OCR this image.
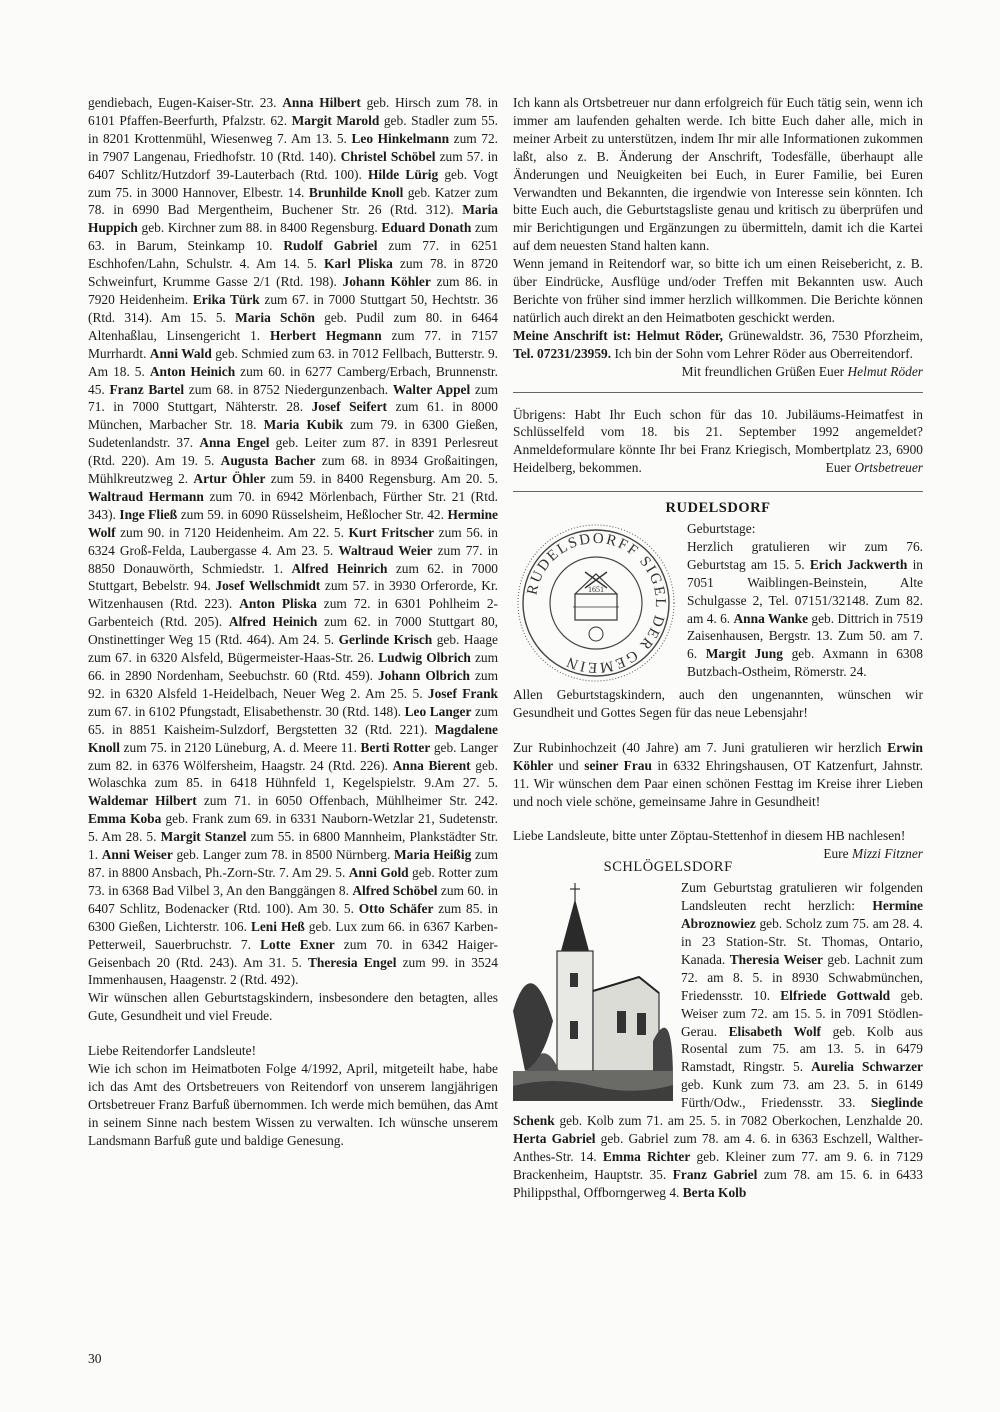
gendiebach, Eugen-Kaiser-Str. 23. Anna Hilbert geb. Hirsch zum 78. in 6101 Pfaffen-Beerfurth, Pfalzstr. 62. Margit Marold geb. Stadler zum 55. in 8201 Krottenmühl, Wiesenweg 7. Am 13. 5. Leo Hinkelmann zum 72. in 7907 Langenau, Friedhofstr. 10 (Rtd. 140). Christel Schöbel zum 57. in 6407 Schlitz/Hutzdorf 39-Lauterbach (Rtd. 100). Hilde Lürig geb. Vogt zum 75. in 3000 Hannover, Elbestr. 14. Brunhilde Knoll geb. Katzer zum 78. in 6990 Bad Mergentheim, Buchener Str. 26 (Rtd. 312). Maria Huppich geb. Kirchner zum 88. in 8400 Regensburg. Eduard Donath zum 63. in Barum, Steinkamp 10. Rudolf Gabriel zum 77. in 6251 Eschhofen/Lahn, Schulstr. 4. Am 14. 5. Karl Pliska zum 78. in 8720 Schweinfurt, Krumme Gasse 2/1 (Rtd. 198). Johann Köhler zum 86. in 7920 Heidenheim. Erika Türk zum 67. in 7000 Stuttgart 50, Hechtstr. 36 (Rtd. 314). Am 15. 5. Maria Schön geb. Pudil zum 80. in 6464 Altenhaßlau, Linsengericht 1. Herbert Hegmann zum 77. in 7157 Murrhardt. Anni Wald geb. Schmied zum 63. in 7012 Fellbach, Butterstr. 9. Am 18. 5. Anton Heinich zum 60. in 6277 Camberg/Erbach, Brunnenstr. 45. Franz Bartel zum 68. in 8752 Niedergunzenbach. Walter Appel zum 71. in 7000 Stuttgart, Nähterstr. 28. Josef Seifert zum 61. in 8000 München, Marbacher Str. 18. Maria Kubik zum 79. in 6300 Gießen, Sudetenlandstr. 37. Anna Engel geb. Leiter zum 87. in 8391 Perlesreut (Rtd. 220). Am 19. 5. Augusta Bacher zum 68. in 8934 Großaitingen, Mühlkreutzweg 2. Artur Öhler zum 59. in 8400 Regensburg. Am 20. 5. Waltraud Hermann zum 70. in 6942 Mörlenbach, Fürther Str. 21 (Rtd. 343). Inge Fließ zum 59. in 6090 Rüsselsheim, Heßlocher Str. 42. Hermine Wolf zum 90. in 7120 Heidenheim. Am 22. 5. Kurt Fritscher zum 56. in 6324 Groß-Felda, Laubergasse 4. Am 23. 5. Waltraud Weier zum 77. in 8850 Donauwörth, Schmiedstr. 1. Alfred Heinrich zum 62. in 7000 Stuttgart, Bebelstr. 94. Josef Wellschmidt zum 57. in 3930 Orferorde, Kr. Witzenhausen (Rtd. 223). Anton Pliska zum 72. in 6301 Pohlheim 2-Garbenteich (Rtd. 205). Alfred Heinich zum 62. in 7000 Stuttgart 80, Onstinettinger Weg 15 (Rtd. 464). Am 24. 5. Gerlinde Krisch geb. Haage zum 67. in 6320 Alsfeld, Bügermeister-Haas-Str. 26. Ludwig Olbrich zum 66. in 2890 Nordenham, Seebuchstr. 60 (Rtd. 459). Johann Olbrich zum 92. in 6320 Alsfeld 1-Heidelbach, Neuer Weg 2. Am 25. 5. Josef Frank zum 67. in 6102 Pfungstadt, Elisabethenstr. 30 (Rtd. 148). Leo Langer zum 65. in 8851 Kaisheim-Sulzdorf, Bergstetten 32 (Rtd. 221). Magdalene Knoll zum 75. in 2120 Lüneburg, A. d. Meere 11. Berti Rotter geb. Langer zum 82. in 6376 Wölfersheim, Haagstr. 24 (Rtd. 226). Anna Bierent geb. Wolaschka zum 85. in 6418 Hühnfeld 1, Kegelspielstr. 9.Am 27. 5. Waldemar Hilbert zum 71. in 6050 Offenbach, Mühlheimer Str. 242. Emma Koba geb. Frank zum 69. in 6331 Nauborn-Wetzlar 21, Sudetenstr. 5. Am 28. 5. Margit Stanzel zum 55. in 6800 Mannheim, Plankstädter Str. 1. Anni Weiser geb. Langer zum 78. in 8500 Nürnberg. Maria Heißig zum 87. in 8800 Ansbach, Ph.-Zorn-Str. 7. Am 29. 5. Anni Gold geb. Rotter zum 73. in 6368 Bad Vilbel 3, An den Banggängen 8. Alfred Schöbel zum 60. in 6407 Schlitz, Bodenacker (Rtd. 100). Am 30. 5. Otto Schäfer zum 85. in 6300 Gießen, Lichterstr. 106. Leni Heß geb. Lux zum 66. in 6367 Karben-Petterweil, Sauerbruchstr. 7. Lotte Exner zum 70. in 6342 Haiger-Geisenbach 20 (Rtd. 243). Am 31. 5. Theresia Engel zum 99. in 3524 Immenhausen, Haagenstr. 2 (Rtd. 492).

Wir wünschen allen Geburtstagskindern, insbesondere den betagten, alles Gute, Gesundheit und viel Freude.

Liebe Reitendorfer Landsleute!

Wie ich schon im Heimatboten Folge 4/1992, April, mitgeteilt habe, habe ich das Amt des Ortsbetreuers von Reitendorf von unserem langjährigen Ortsbetreuer Franz Barfuß übernommen. Ich werde mich bemühen, das Amt in seinem Sinne nach bestem Wissen zu verwalten. Ich wünsche unserem Landsmann Barfuß gute und baldige Genesung.

Ich kann als Ortsbetreuer nur dann erfolgreich für Euch tätig sein, wenn ich immer am laufenden gehalten werde. Ich bitte Euch daher alle, mich in meiner Arbeit zu unterstützen, indem Ihr mir alle Informationen zukommen laßt, also z. B. Änderung der Anschrift, Todesfälle, überhaupt alle Änderungen und Neuigkeiten bei Euch, in Eurer Familie, bei Euren Verwandten und Bekannten, die irgendwie von Interesse sein könnten. Ich bitte Euch auch, die Geburtstagsliste genau und kritisch zu überprüfen und mir Berichtigungen und Ergänzungen zu übermitteln, damit ich die Kartei auf dem neuesten Stand halten kann.

Wenn jemand in Reitendorf war, so bitte ich um einen Reisebericht, z. B. über Eindrücke, Ausflüge und/oder Treffen mit Bekannten usw. Auch Berichte von früher sind immer herzlich willkommen. Die Berichte können natürlich auch direkt an den Heimatboten geschickt werden.

Meine Anschrift ist: Helmut Röder, Grünewaldstr. 36, 7530 Pforzheim, Tel. 07231/23959. Ich bin der Sohn vom Lehrer Röder aus Oberreitendorf.

Mit freundlichen Grüßen Euer Helmut Röder

Übrigens: Habt Ihr Euch schon für das 10. Jubiläums-Heimatfest in Schlüsselfeld vom 18. bis 21. September 1992 angemeldet? Anmeldeformulare könnte Ihr bei Franz Kriegisch, Mombertplatz 23, 6900 Heidelberg, bekommen.	Euer Ortsbetreuer

RUDELSDORF
RUDELSDORFF SIGEL DER GEMEIN
1651

Geburtstage:

Herzlich gratulieren wir zum 76. Geburtstag am 15. 5. Erich Jackwerth in 7051 Waiblingen-Beinstein, Alte Schulgasse 2, Tel. 07151/32148. Zum 82. am 4. 6. Anna Wanke geb. Dittrich in 7519 Zaisenhausen, Bergstr. 13. Zum 50. am 7. 6. Margit Jung geb. Axmann in 6308 Butzbach-Ostheim, Römerstr. 24.

Allen Geburtstagskindern, auch den ungenannten, wünschen wir Gesundheit und Gottes Segen für das neue Lebensjahr!

Zur Rubinhochzeit (40 Jahre) am 7. Juni gratulieren wir herzlich Erwin Köhler und seiner Frau in 6332 Ehringshausen, OT Katzenfurt, Jahnstr. 11. Wir wünschen dem Paar einen schönen Festtag im Kreise ihrer Lieben und noch viele schöne, gemeinsame Jahre in Gesundheit!

Liebe Landsleute, bitte unter Zöptau-Stettenhof in diesem HB nachlesen!
Eure Mizzi Fitzner

SCHLÖGELSDORF

Zum Geburtstag gratulieren wir folgenden Landsleuten recht herzlich: Hermine Abroznowiez geb. Scholz zum 75. am 28. 4. in 23 Station-Str. St. Thomas, Ontario, Kanada. Theresia Weiser geb. Lachnit zum 72. am 8. 5. in 8930 Schwabmünchen, Friedensstr. 10. Elfriede Gottwald geb. Weiser zum 72. am 15. 5. in 7091 Stödlen-Gerau. Elisabeth Wolf geb. Kolb aus Rosental zum 75. am 13. 5. in 6479 Ramstadt, Ringstr. 5. Aurelia Schwarzer geb. Kunk zum 73. am 23. 5. in 6149 Fürth/Odw., Friedensstr. 33. Sieglinde Schenk geb. Kolb zum 71. am 25. 5. in 7082 Oberkochen, Lenzhalde 20. Herta Gabriel geb. Gabriel zum 78. am 4. 6. in 6363 Eschzell, Walther-Anthes-Str. 14. Emma Richter geb. Kleiner zum 77. am 9. 6. in 7129 Brackenheim, Hauptstr. 35. Franz Gabriel zum 78. am 15. 6. in 6433 Philippsthal, Offborngerweg 4. Berta Kolb

30
